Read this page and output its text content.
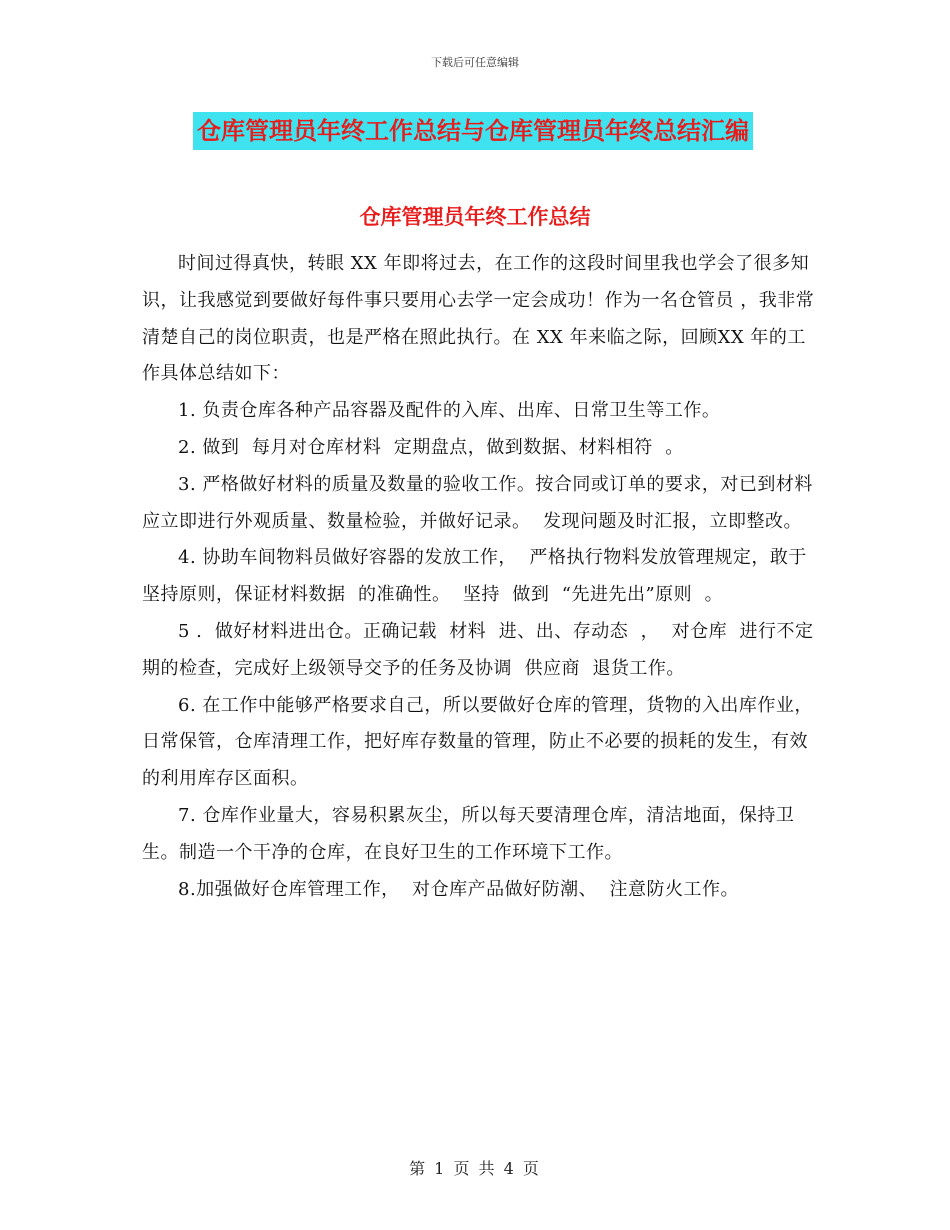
下载后可任意编辑
仓库管理员年终工作总结与仓库管理员年终总结汇编
仓库管理员年终工作总结

时间过得真快，转眼 XX 年即将过去，在工作的这段时间里我也学会了很多知识，让我感觉到要做好每件事只要用心去学一定会成功！作为一名仓管员 ，我非常清楚自己的岗位职责，也是严格在照此执行。在 XX 年来临之际，回顾XX 年的工作具体总结如下：

1. 负责仓库各种产品容器及配件的入库、出库、日常卫生等工作。

2. 做到  每月对仓库材料  定期盘点，做到数据、材料相符  。

3. 严格做好材料的质量及数量的验收工作。按合同或订单的要求，对已到材料  应立即进行外观质量、数量检验，并做好记录。  发现问题及时汇报，立即整改。

4. 协助车间物料员做好容器的发放工作，  严格执行物料发放管理规定，敢于坚持原则，保证材料数据  的准确性。  坚持  做到  “先进先出”原则  。

5 .  做好材料进出仓。正确记载  材料  进、出、存动态  ，  对仓库  进行不定期的检查，完成好上级领导交予的任务及协调  供应商  退货工作。

6. 在工作中能够严格要求自己，所以要做好仓库的管理，货物的入出库作业，日常保管，仓库清理工作，把好库存数量的管理，防止不必要的损耗的发生，有效的利用库存区面积。

7. 仓库作业量大，容易积累灰尘，所以每天要清理仓库，清洁地面，保持卫生。制造一个干净的仓库，在良好卫生的工作环境下工作。

8.加强做好仓库管理工作，  对仓库产品做好防潮、  注意防火工作。

第 1 页 共 4 页
